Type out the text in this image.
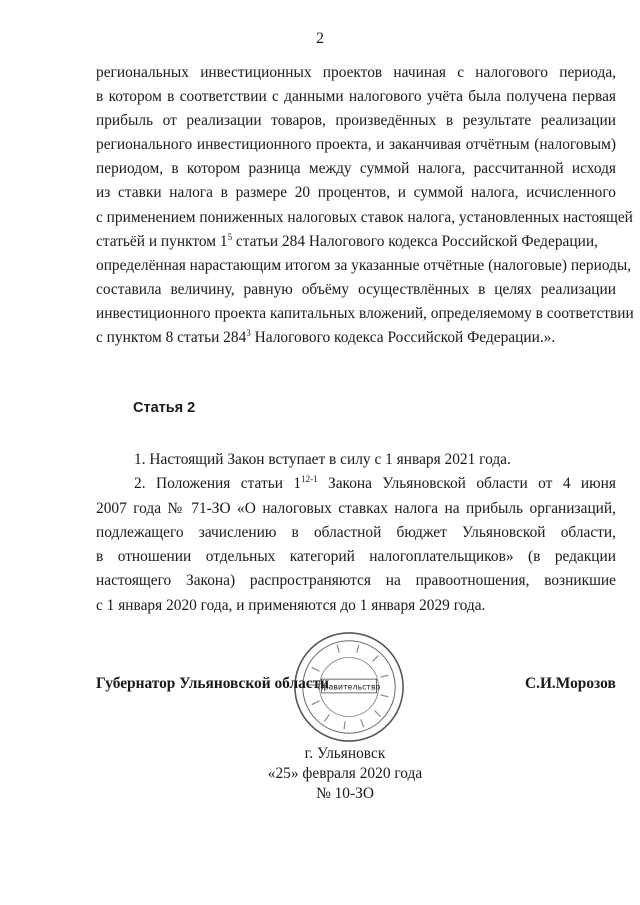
2
региональных инвестиционных проектов начиная с налогового периода,
в котором в соответствии с данными налогового учёта была получена первая
прибыль от реализации товаров, произведённых в результате реализации
регионального инвестиционного проекта, и заканчивая отчётным (налоговым)
периодом, в котором разница между суммой налога, рассчитанной исходя
из ставки налога в размере 20 процентов, и суммой налога, исчисленного
с применением пониженных налоговых ставок налога, установленных настоящей
статьёй и пунктом $1^5$ статьи 284 Налогового кодекса Российской Федерации,
определённая нарастающим итогом за указанные отчётные (налоговые) периоды,
составила величину, равную объёму осуществлённых в целях реализации
инвестиционного проекта капитальных вложений, определяемому в соответствии
с пунктом 8 статьи $284^3$ Налогового кодекса Российской Федерации.».
Статья 2
1. Настоящий Закон вступает в силу с 1 января 2021 года.
2. Положения статьи 1$^{12-1}$ Закона Ульяновской области от 4 июня
2007 года № 71-ЗО «О налоговых ставках налога на прибыль организаций,
подлежащего зачислению в областной бюджет Ульяновской области,
в отношении отдельных категорий налогоплательщиков» (в редакции
настоящего Закона) распространяются на правоотношения, возникшие
с 1 января 2020 года, и применяются до 1 января 2029 года.
Правительство
Губернатор Ульяновской области	С.И.Морозов
г. Ульяновск
«25» февраля 2020 года
№ 10-ЗО
